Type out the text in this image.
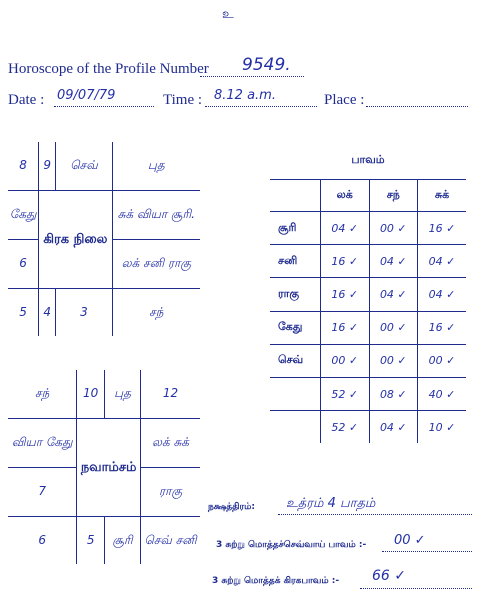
உ
Horoscope of the Profile Number 9549.
Date : 09/07/79	Time : 8.12 a.m.	Place :
8	9	செவ்	புத
கேது	கிரக நிலை		சுக் வியா சூரி.
6			லக் சனி ராகு
5	4	3	சந்
சந்	10	புத	12
வியா கேது	நவாம்சம்		லக் சுக்
7			ராகு
6	5	சூரி	செவ் சனி
பாவம்			
	லக்	சந்	சுக்
சூரி	04 ✓	00 ✓	16 ✓
சனி	16 ✓	04 ✓	04 ✓
ராகு	16 ✓	04 ✓	04 ✓
கேது	16 ✓	00 ✓	16 ✓
செவ்	00 ✓	00 ✓	00 ✓
	52 ✓	08 ✓	40 ✓
	52 ✓	04 ✓	10 ✓
நக்ஷத்திரம்: உத்ரம் 4 பாதம்
3 சுற்று மொத்தச்செவ்வாய் பாவம் :- 00 ✓
3 சுற்று மொத்தக் கிரகபாவம் :- 66 ✓
